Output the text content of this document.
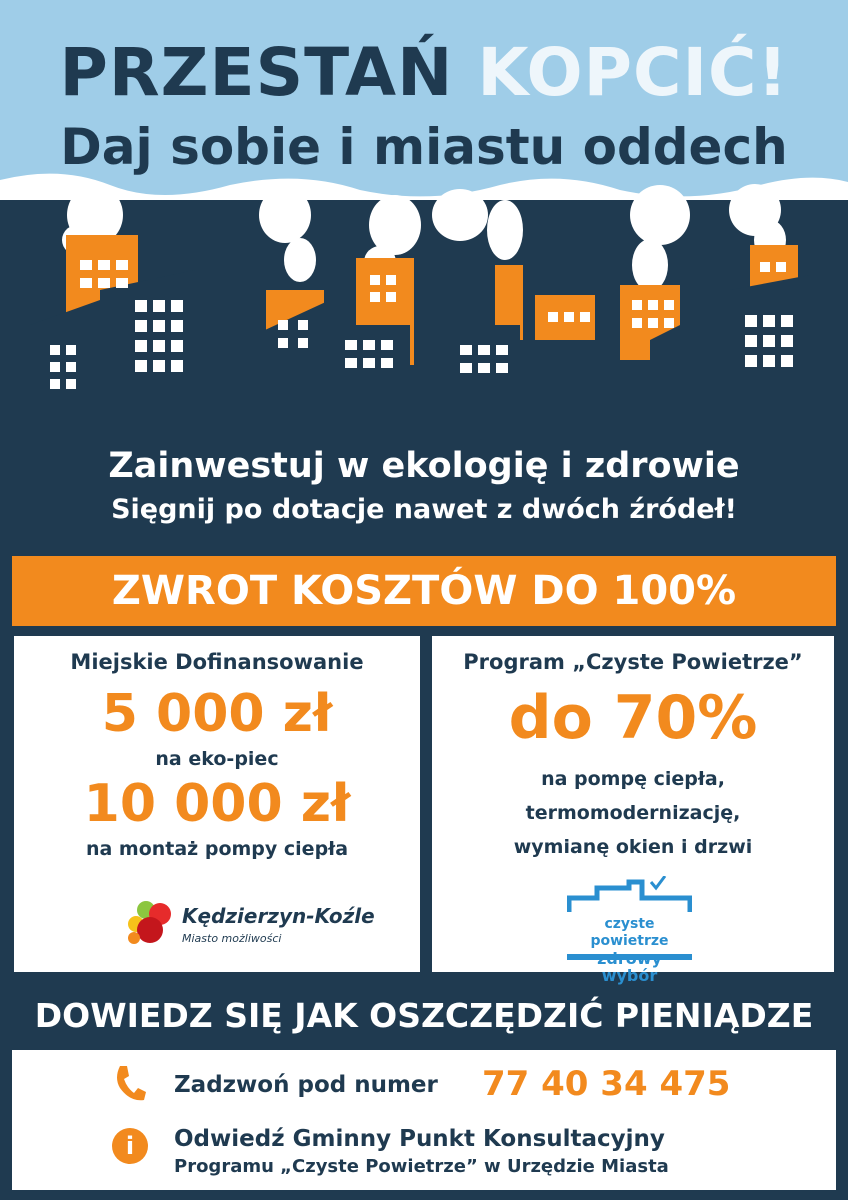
PRZESTAŃ KOPCIĆ!
Daj sobie i miastu oddech
Zainwestuj w ekologię i zdrowie
Sięgnij po dotacje nawet z dwóch źródeł!
ZWROT KOSZTÓW DO 100%
Miejskie Dofinansowanie
5 000 zł
na eko-piec
10 000 zł
na montaż pompy ciepła
Kędzierzyn-Koźle
Miasto możliwości
Program „Czyste Powietrze”
do 70%
na pompę ciepła,
termomodernizację,
wymianę okien i drzwi
czyste powietrze
wybór
DOWIEDZ SIĘ JAK OSZCZĘDZIĆ PIENIĄDZE
Zadzwoń pod numer 77 40 34 475
i	Odwiedź Gminny Punkt Konsultacyjny
Programu „Czyste Powietrze” w Urzędzie Miasta
